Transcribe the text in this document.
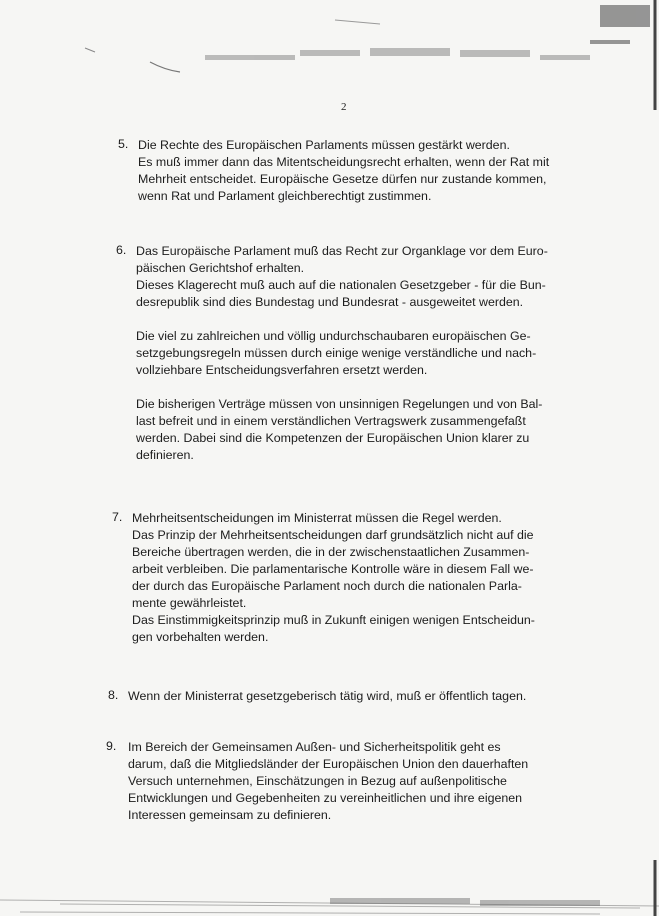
2
5. Die Rechte des Europäischen Parlaments müssen gestärkt werden.

Es muß immer dann das Mitentscheidungsrecht erhalten, wenn der Rat mit

Mehrheit entscheidet. Europäische Gesetze dürfen nur zustande kommen,

wenn Rat und Parlament gleichberechtigt zustimmen.

6. Das Europäische Parlament muß das Recht zur Organklage vor dem Euro-

päischen Gerichtshof erhalten.

Dieses Klagerecht muß auch auf die nationalen Gesetzgeber - für die Bun-

desrepublik sind dies Bundestag und Bundesrat - ausgeweitet werden.

Die viel zu zahlreichen und völlig undurchschaubaren europäischen Ge-

setzgebungsregeln müssen durch einige wenige verständliche und nach-

vollziehbare Entscheidungsverfahren ersetzt werden.

Die bisherigen Verträge müssen von unsinnigen Regelungen und von Bal-

last befreit und in einem verständlichen Vertragswerk zusammengefaßt

werden. Dabei sind die Kompetenzen der Europäischen Union klarer zu

definieren.

7. Mehrheitsentscheidungen im Ministerrat müssen die Regel werden.

Das Prinzip der Mehrheitsentscheidungen darf grundsätzlich nicht auf die

Bereiche übertragen werden, die in der zwischenstaatlichen Zusammen-

arbeit verbleiben. Die parlamentarische Kontrolle wäre in diesem Fall we-

der durch das Europäische Parlament noch durch die nationalen Parla-

mente gewährleistet.

Das Einstimmigkeitsprinzip muß in Zukunft einigen wenigen Entscheidun-

gen vorbehalten werden.

8. Wenn der Ministerrat gesetzgeberisch tätig wird, muß er öffentlich tagen.

9. Im Bereich der Gemeinsamen Außen- und Sicherheitspolitik geht es

darum, daß die Mitgliedsländer der Europäischen Union den dauerhaften

Versuch unternehmen, Einschätzungen in Bezug auf außenpolitische

Entwicklungen und Gegebenheiten zu vereinheitlichen und ihre eigenen

Interessen gemeinsam zu definieren.
